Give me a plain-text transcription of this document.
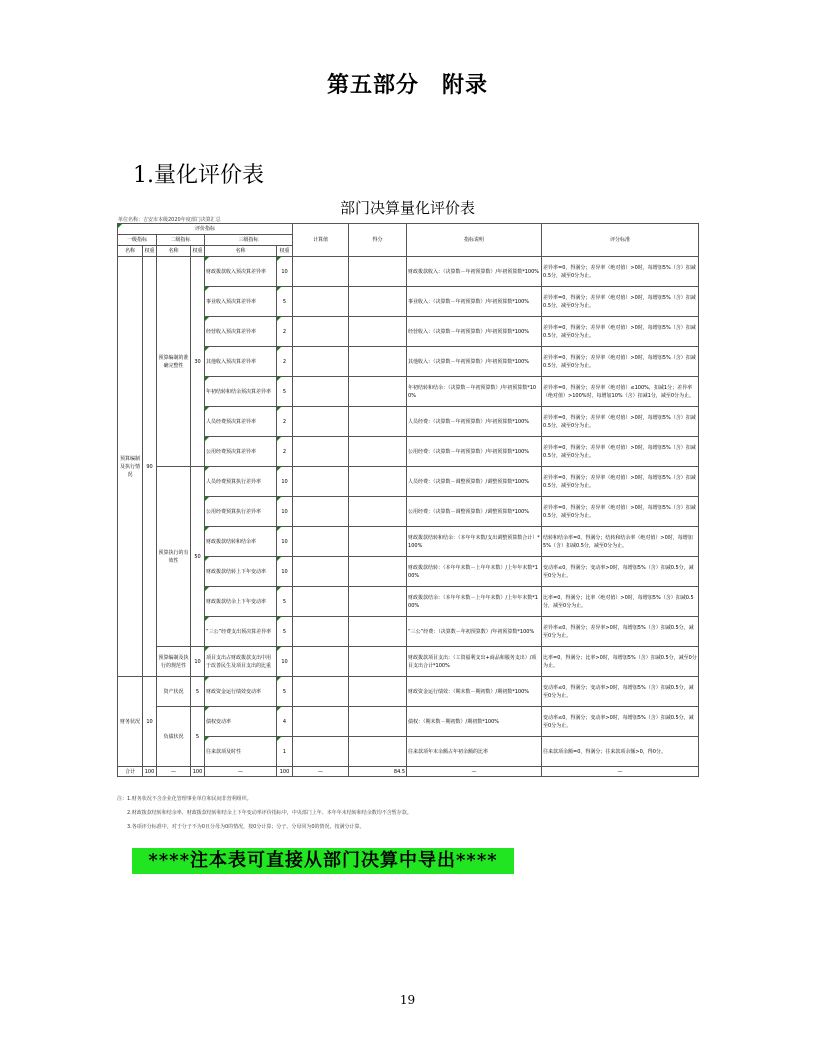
第五部分　附录
1.量化评价表
部门决算量化评价表
单位名称：吉安市本级2020年度部门决算汇总
评价指标						计算值	得分	指标说明	评分标准
一级指标		二级指标		三级指标					
名称	权重	名称	权重	名称	权重				
预算编制及执行情况	90	预算编制的准确完整性	30	财政拨款收入预决算差异率	10			财政拨款收入：（决算数－年初预算数）/年初预算数*100%	差异率=0，得满分；差异率（绝对值）>0时，每增加5%（含）扣减0.5分，减至0分为止。
				事业收入预决算差异率	5			事业收入：（决算数－年初预算数）/年初预算数*100%	差异率=0，得满分；差异率（绝对值）>0时，每增加5%（含）扣减0.5分，减至0分为止。
				经营收入预决算差异率	2			经营收入：（决算数－年初预算数）/年初预算数*100%	差异率=0，得满分；差异率（绝对值）>0时，每增加5%（含）扣减0.5分，减至0分为止。
				其他收入预决算差异率	2			其他收入：（决算数－年初预算数）/年初预算数*100%	差异率=0，得满分；差异率（绝对值）>0时，每增加5%（含）扣减0.5分，减至0分为止。
				年初结转和结余预决算差异率	5			年初结转和结余：（决算数－年初预算数）/年初预算数*100%	差异率=0，得满分；差异率（绝对值）≤100%，扣减1分；差异率（绝对值）>100%时，每增加10%（含）扣减1分，减至0分为止。
				人员经费预决算差异率	2			人员经费：（决算数－年初预算数）/年初预算数*100%	差异率=0，得满分；差异率（绝对值）>0时，每增加5%（含）扣减0.5分，减至0分为止。
				公用经费预决算差异率	2			公用经费：（决算数－年初预算数）/年初预算数*100%	差异率=0，得满分；差异率（绝对值）>0时，每增加5%（含）扣减0.5分，减至0分为止。
		预算执行的有效性	50	人员经费预算执行差异率	10			人员经费：（决算数－调整预算数）/调整预算数*100%	差异率=0，得满分；差异率（绝对值）>0时，每增加5%（含）扣减0.5分，减至0分为止。
				公用经费预算执行差异率	10			公用经费：（决算数－调整预算数）/调整预算数*100%	差异率=0，得满分；差异率（绝对值）>0时，每增加5%（含）扣减0.5分，减至0分为止。
				财政拨款结转和结余率	10			财政拨款结转和结余：（本年年末数/支出调整预算数合计）*100%	结转和结余率=0，得满分；结转和结余率（绝对值）>0时，每增加5%（含）扣减0.5分，减至0分为止。
				财政拨款结转上下年变动率	10			财政拨款结转：（本年年末数－上年年末数）/上年年末数*100%	变动率≤0，得满分；变动率>0时，每增加5%（含）扣减0.5分，减至0分为止。
				财政拨款结余上下年变动率	5			财政拨款结余：（本年年末数－上年年末数）/上年年末数*100%	比率=0，得满分；比率（绝对值）>0时，每增加5%（含）扣减0.5分，减至0分为止。
				“三公”经费支出预决算差异率	5			“三公”经费：（决算数－年初预算数）/年初预算数*100%	差异率≤0，得满分；差异率>0时，每增加5%（含）扣减0.5分，减至0分为止。
		预算编制及执行的规范性	10	项目支出占财政拨款支出中用于改善民生及项目支出的比重	10			财政拨款项目支出：（工资福利支出+商品和服务支出）/项目支出合计*100%	比率=0，得满分；比率>0时，每增加5%（含）扣减0.5分，减至0分为止。
财务状况	10	资产状况	5	财政资金运行绩效变动率	5			财政资金运行绩效：（期末数－期初数）/期初数*100%	变动率≤0，得满分；变动率>0时，每增加5%（含）扣减0.5分，减至0分为止。
		负债状况	5	债权变动率	4			债权：（期末数－期初数）/期初数*100%	变动率≤0，得满分；变动率>0时，每增加5%（含）扣减0.5分，减至0分为止。
				往来款项及时性	1			往来款项年末余额占年初余额的比率	往来款项余额=0，得满分；往来款项余额>0，得0分。
合计	100	—	100	—	100	—	84.5	—	—
注：1.财务状况不含企业化管理事业单位和民间非营利组织。
2.财政拨款结转和结余率、财政拨款结转和结余上下年变动率评价指标中，中央部门上年、本年年末结转和结余数均不含暂存款。
3.各项评分标准中，对于分子不为0且分母为0的情况，按0分计算；分子、分母同为0的情况，按满分计算。
****注本表可直接从部门决算中导出****
19
